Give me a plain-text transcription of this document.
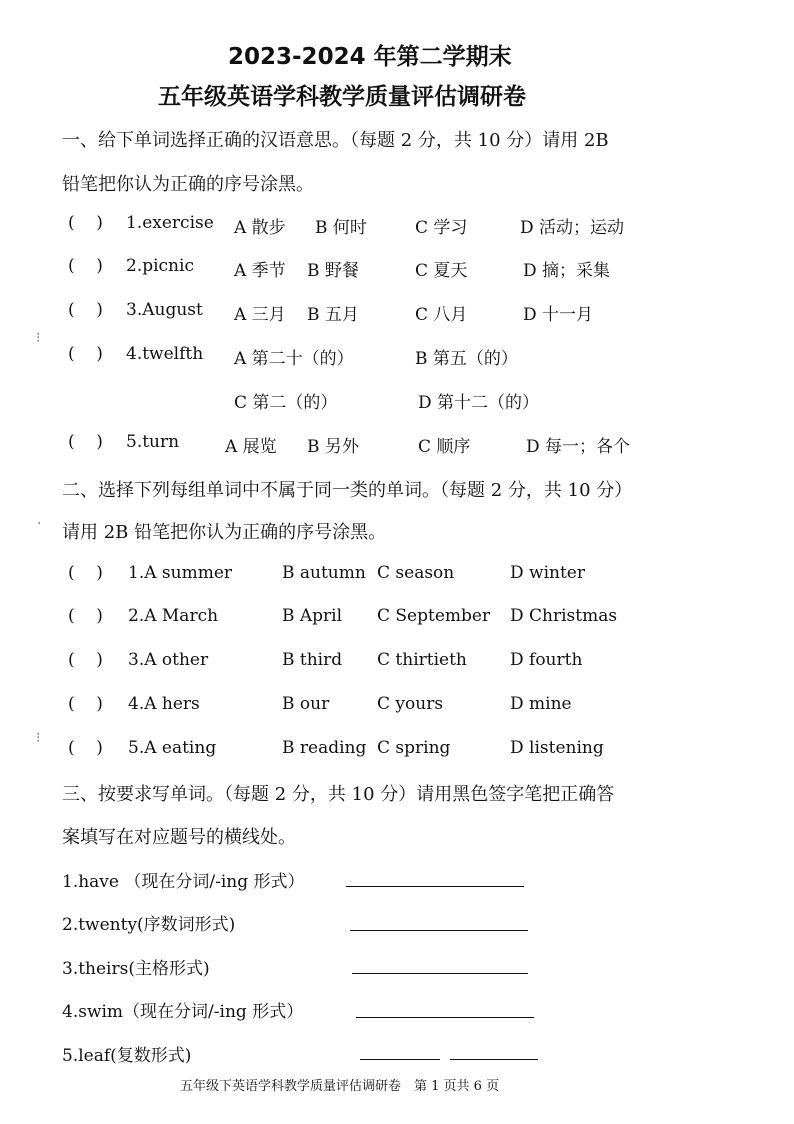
2023-2024 年第二学期末
五年级英语学科教学质量评估调研卷
一、给下单词选择正确的汉语意思。（每题 2 分，共 10 分）请用 2B
铅笔把你认为正确的序号涂黑。
(    ) 1.exercise A 散步 B 何时	C 学习	D 活动；运动
(    ) 2.picnic A 季节 B 野餐	C 夏天	D 摘；采集
(    ) 3.August A 三月 B 五月	C 八月	D 十一月
(    ) 4.twelfth A 第二十（的）	B 第五（的）
C 第二（的）	D 第十二（的）
(    ) 5.turn	A 展览 B 另外	C 顺序	D 每一；各个
二、选择下列每组单词中不属于同一类的单词。（每题 2 分，共 10 分）
请用 2B 铅笔把你认为正确的序号涂黑。
(    ) 1.A summer	B autumn C season	D winter
(    ) 2.A March	B April C September D Christmas
(    ) 3.A other	B third C thirtieth	D fourth
(    ) 4.A hers	B our	C yours	D mine
(    ) 5.A eating	B reading C spring	D listening
三、按要求写单词。（每题 2 分，共 10 分）请用黑色签字笔把正确答
案填写在对应题号的横线处。
1.have （现在分词/-ing 形式）
2.twenty(序数词形式)
3.theirs(主格形式)
4.swim（现在分词/-ing 形式）
5.leaf(复数形式)
五年级下英语学科教学质量评估调研卷　第 1 页共 6 页
⁝
·
⁝
